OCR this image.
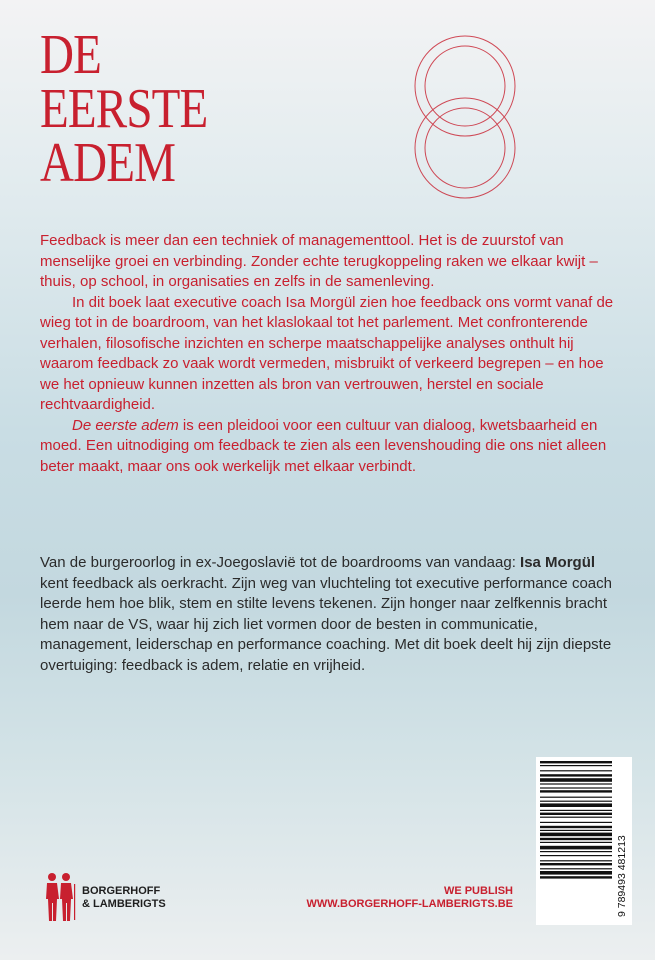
DE
EERSTE
ADEM

Feedback is meer dan een techniek of managementtool. Het is de zuurstof van menselijke groei en verbinding. Zonder echte terugkoppeling raken we elkaar kwijt – thuis, op school, in organisaties en zelfs in de samenleving.

In dit boek laat executive coach Isa Morgül zien hoe feedback ons vormt vanaf de wieg tot in de boardroom, van het klaslokaal tot het parlement. Met confronterende verhalen, filosofische inzichten en scherpe maatschappelijke analyses onthult hij waarom feedback zo vaak wordt vermeden, misbruikt of verkeerd begrepen – en hoe we het opnieuw kunnen inzetten als bron van vertrouwen, herstel en sociale rechtvaardigheid.

De eerste adem is een pleidooi voor een cultuur van dialoog, kwetsbaarheid en moed. Een uitnodiging om feedback te zien als een levenshouding die ons niet alleen beter maakt, maar ons ook werkelijk met elkaar verbindt.

Van de burgeroorlog in ex-Joegoslavië tot de boardrooms van vandaag: Isa Morgül kent feedback als oerkracht. Zijn weg van vluchteling tot executive performance coach leerde hem hoe blik, stem en stilte levens tekenen. Zijn honger naar zelfkennis bracht hem naar de VS, waar hij zich liet vormen door de besten in communicatie, management, leiderschap en performance coaching. Met dit boek deelt hij zijn diepste overtuiging: feedback is adem, relatie en vrijheid.

9 789493 481213
BORGERHOFF
& LAMBERIGTS
WE PUBLISH
WWW.BORGERHOFF-LAMBERIGTS.BE
